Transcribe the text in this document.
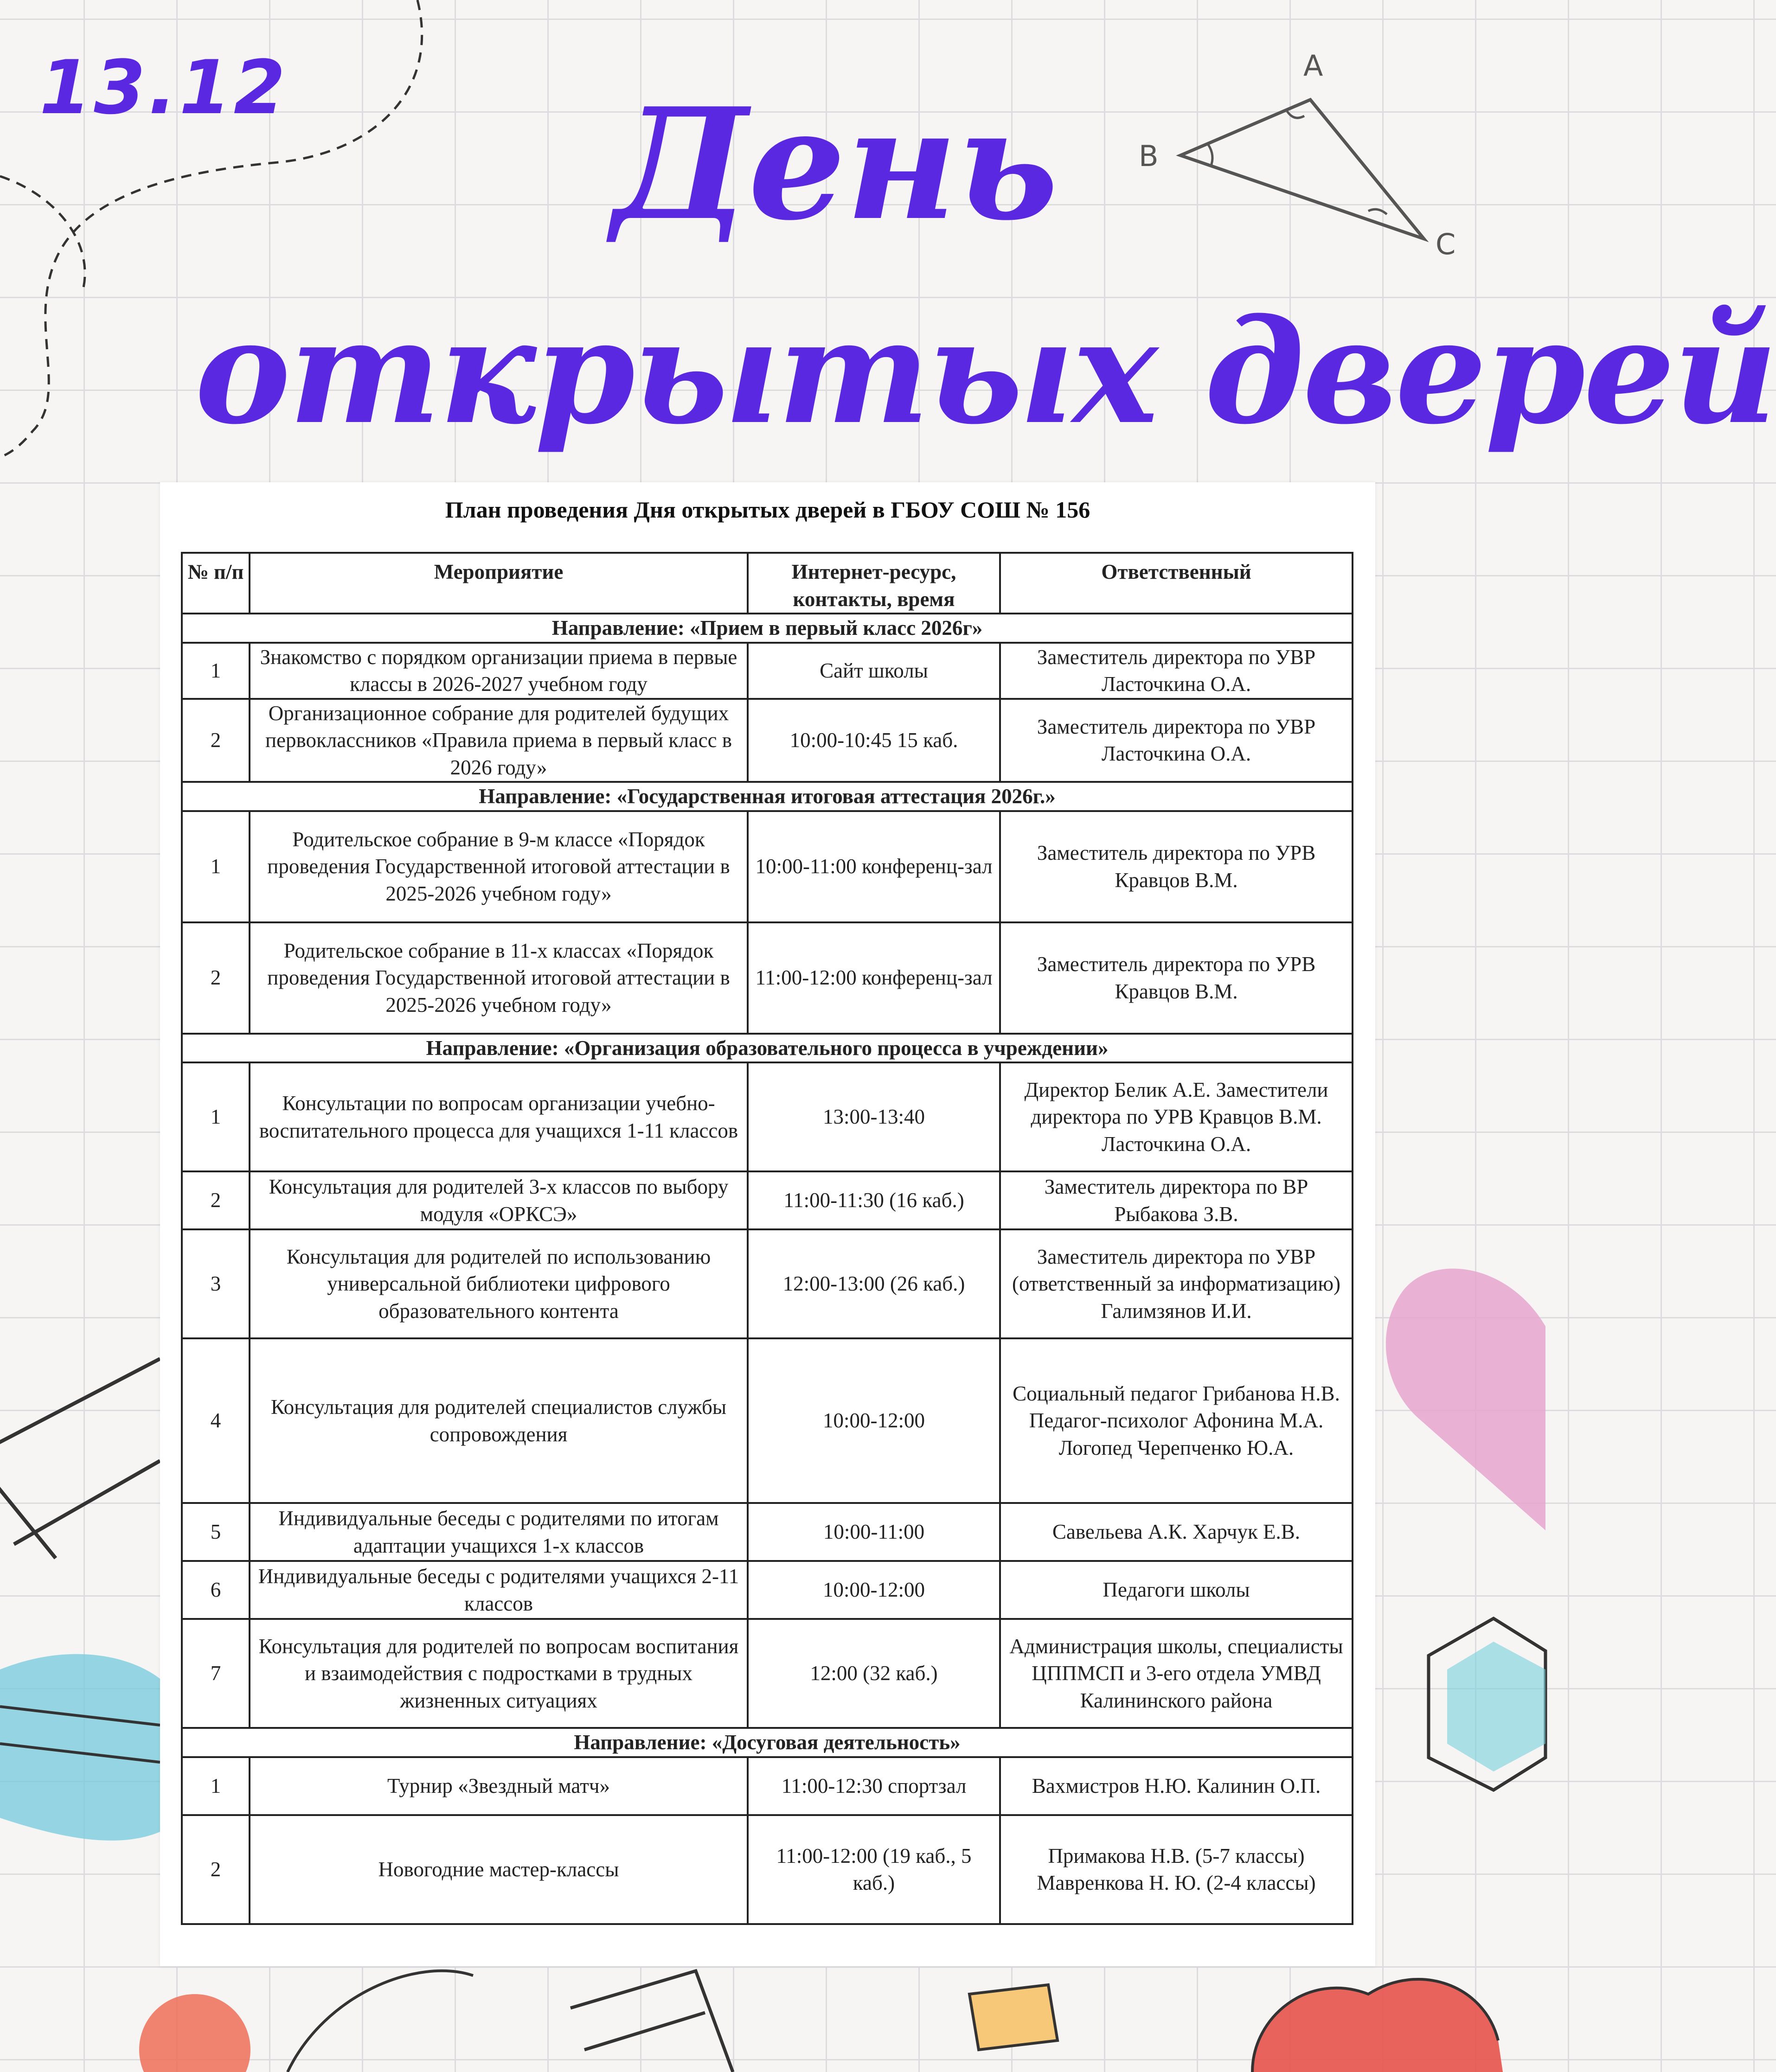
13.12 День
открытых дверей
A
B
C
План проведения Дня открытых дверей в ГБОУ СОШ № 156
№ п/п	Мероприятие	Интернет-ресурс, контакты, время	Ответственный
Направление: «Прием в первый класс 2026г»			
1	Знакомство с порядком организации приема в первые классы в 2026-2027 учебном году	Сайт школы	Заместитель директора по УВР Ласточкина О.А.
2	Организационное собрание для родителей будущих первоклассников «Правила приема в первый класс в 2026 году»	10:00-10:45 15 каб.	Заместитель директора по УВР Ласточкина О.А.
Направление: «Государственная итоговая аттестация 2026г.»			
1	Родительское собрание в 9-м классе «Порядок проведения Государственной итоговой аттестации в 2025-2026 учебном году»	10:00-11:00 конференц-зал	Заместитель директора по УРВ Кравцов В.М.
2	Родительское собрание в 11-х классах «Порядок проведения Государственной итоговой аттестации в 2025-2026 учебном году»	11:00-12:00 конференц-зал	Заместитель директора по УРВ Кравцов В.М.
Направление: «Организация образовательного процесса в учреждении»			
1	Консультации по вопросам организации учебно-воспитательного процесса для учащихся 1-11 классов	13:00-13:40	Директор Белик А.Е. Заместители директора по УРВ Кравцов В.М. Ласточкина О.А.
2	Консультация для родителей 3-х классов по выбору модуля «ОРКСЭ»	11:00-11:30 (16 каб.)	Заместитель директора по ВР Рыбакова З.В.
3	Консультация для родителей по использованию универсальной библиотеки цифрового образовательного контента	12:00-13:00 (26 каб.)	Заместитель директора по УВР (ответственный за информатизацию) Галимзянов И.И.
4	Консультация для родителей специалистов службы сопровождения	10:00-12:00	Социальный педагог Грибанова Н.В. Педагог-психолог Афонина М.А. Логопед Черепченко Ю.А.
5	Индивидуальные беседы с родителями по итогам адаптации учащихся 1-х классов	10:00-11:00	Савельева А.К. Харчук Е.В.
6	Индивидуальные беседы с родителями учащихся 2-11 классов	10:00-12:00	Педагоги школы
7	Консультация для родителей по вопросам воспитания и взаимодействия с подростками в трудных жизненных ситуациях	12:00 (32 каб.)	Администрация школы, специалисты ЦППМСП и 3-его отдела УМВД Калининского района
Направление: «Досуговая деятельность»			
1	Турнир «Звездный матч»	11:00-12:30 спортзал	Вахмистров Н.Ю. Калинин О.П.
2	Новогодние мастер-классы	11:00-12:00 (19 каб., 5 каб.)	Примакова Н.В. (5-7 классы) Мавренкова Н. Ю. (2-4 классы)
